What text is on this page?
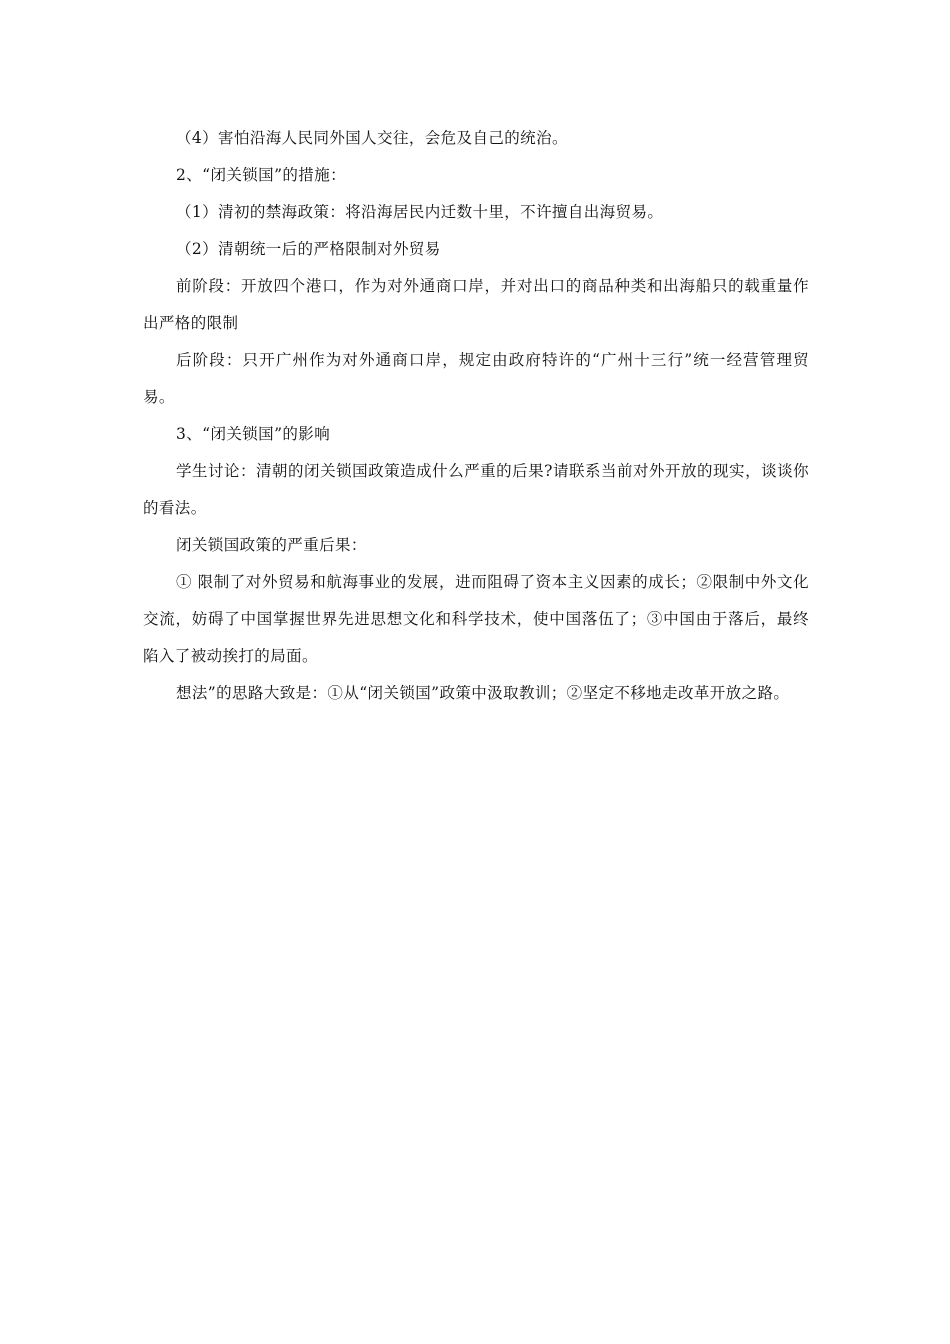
（4）害怕沿海人民同外国人交往，会危及自己的统治。

2、“闭关锁国”的措施：

（1）清初的禁海政策：将沿海居民内迁数十里，不许擅自出海贸易。

（2）清朝统一后的严格限制对外贸易

前阶段：开放四个港口，作为对外通商口岸，并对出口的商品种类和出海船只的载重量作出严格的限制

后阶段：只开广州作为对外通商口岸，规定由政府特许的“广州十三行”统一经营管理贸易。

3、“闭关锁国”的影响

学生讨论：清朝的闭关锁国政策造成什么严重的后果?请联系当前对外开放的现实，谈谈你的看法。

闭关锁国政策的严重后果：

① 限制了对外贸易和航海事业的发展，进而阻碍了资本主义因素的成长；②限制中外文化交流，妨碍了中国掌握世界先进思想文化和科学技术，使中国落伍了；③中国由于落后，最终陷入了被动挨打的局面。

想法”的思路大致是：①从“闭关锁国”政策中汲取教训；②坚定不移地走改革开放之路。
